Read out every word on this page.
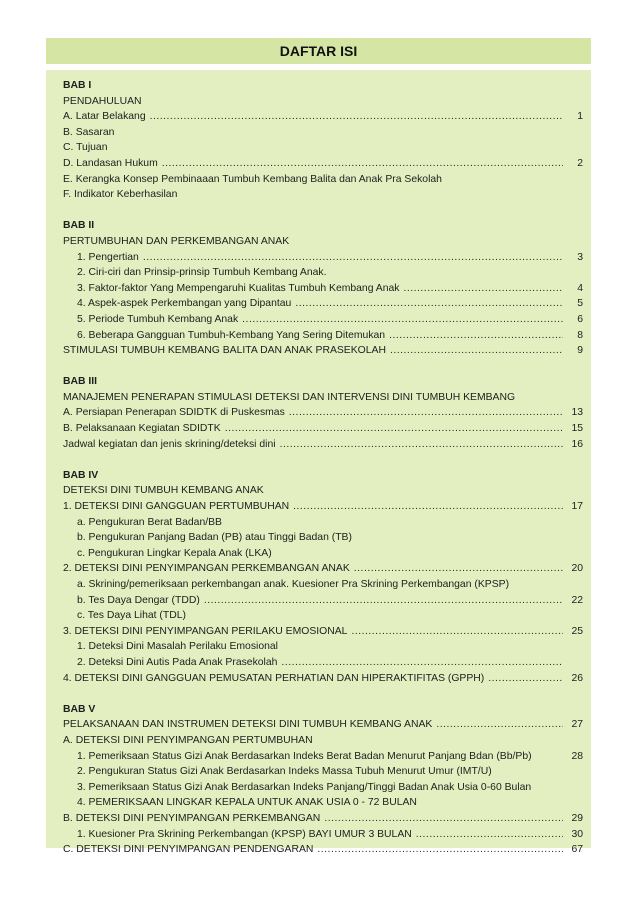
DAFTAR ISI
BAB I
PENDAHULUAN
A. Latar Belakang .....	1
B. Sasaran
C. Tujuan
D. Landasan Hukum .....	2
E. Kerangka Konsep Pembinaaan Tumbuh Kembang Balita dan Anak Pra Sekolah
F. Indikator Keberhasilan
BAB II
PERTUMBUHAN DAN PERKEMBANGAN ANAK
1. Pengertian .....	3
2. Ciri-ciri dan Prinsip-prinsip Tumbuh Kembang Anak.
3. Faktor-faktor Yang Mempengaruhi Kualitas Tumbuh Kembang Anak .....	4
4. Aspek-aspek Perkembangan yang Dipantau .....	5
5. Periode Tumbuh Kembang Anak .....	6
6. Beberapa Gangguan Tumbuh-Kembang Yang Sering Ditemukan .....	8
STIMULASI TUMBUH KEMBANG BALITA DAN ANAK PRASEKOLAH .....	9
BAB III
MANAJEMEN PENERAPAN STIMULASI DETEKSI DAN INTERVENSI DINI TUMBUH KEMBANG
A. Persiapan Penerapan SDIDTK di Puskesmas .....	13
B. Pelaksanaan Kegiatan SDIDTK .....	15
Jadwal kegiatan dan jenis skrining/deteksi dini .....	16
BAB IV
DETEKSI DINI TUMBUH KEMBANG ANAK
1. DETEKSI DINI GANGGUAN PERTUMBUHAN .....	17
a. Pengukuran Berat Badan/BB
b. Pengukuran Panjang Badan (PB) atau Tinggi Badan (TB)
c. Pengukuran Lingkar Kepala Anak (LKA)
2. DETEKSI DINI PENYIMPANGAN PERKEMBANGAN ANAK .....	20
a. Skrining/pemeriksaan perkembangan anak. Kuesioner Pra Skrining Perkembangan (KPSP)
b. Tes Daya Dengar (TDD) .....	22
c. Tes Daya Lihat (TDL)
3. DETEKSI DINI PENYIMPANGAN PERILAKU EMOSIONAL .....	25
1. Deteksi Dini Masalah Perilaku Emosional
2. Deteksi Dini Autis Pada Anak Prasekolah
.....
4. DETEKSI DINI GANGGUAN PEMUSATAN PERHATIAN DAN HIPERAKTIFITAS (GPPH) .....	26
BAB V
PELAKSANAAN DAN INSTRUMEN DETEKSI DINI TUMBUH KEMBANG ANAK .....	27
A. DETEKSI DINI PENYIMPANGAN PERTUMBUHAN
1. Pemeriksaan Status Gizi Anak Berdasarkan Indeks Berat Badan Menurut Panjang Bdan (Bb/Pb)	28
2. Pengukuran Status Gizi Anak Berdasarkan Indeks Massa Tubuh Menurut Umur (IMT/U)
3. Pemeriksaan Status Gizi Anak Berdasarkan Indeks Panjang/Tinggi Badan Anak Usia 0-60 Bulan
4. PEMERIKSAAN LINGKAR KEPALA UNTUK ANAK USIA 0 - 72 BULAN
B. DETEKSI DINI PENYIMPANGAN PERKEMBANGAN .....	29
1. Kuesioner Pra Skrining Perkembangan (KPSP) BAYI UMUR 3 BULAN .....	30
C. DETEKSI DINI PENYIMPANGAN PENDENGARAN .....	67
